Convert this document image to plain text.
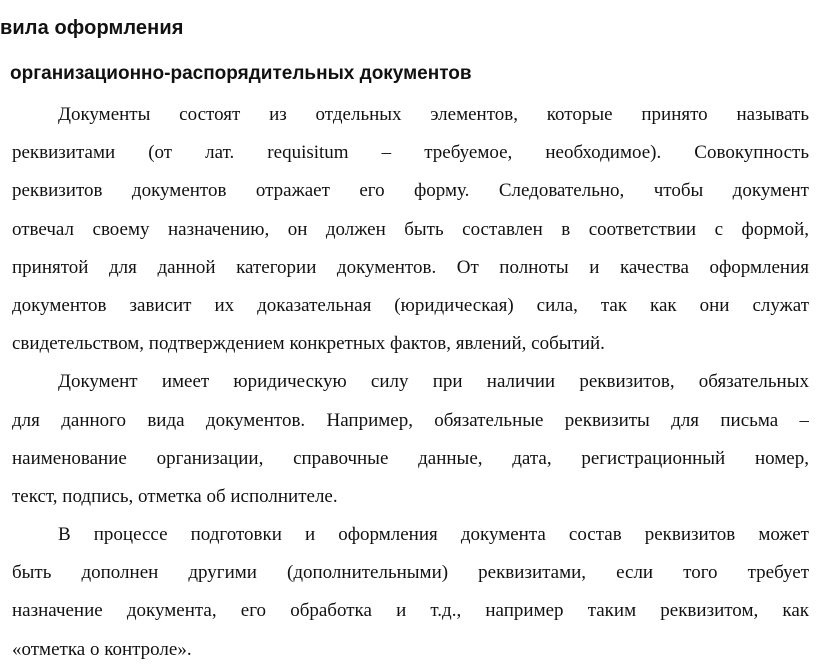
вила оформления
организационно-распорядительных документов
Документы состоят из отдельных элементов, которые принято называть
реквизитами (от лат. requisitum – требуемое, необходимое). Совокупность
реквизитов документов отражает его форму. Следовательно, чтобы документ
отвечал своему назначению, он должен быть составлен в соответствии с формой,
принятой для данной категории документов. От полноты и качества оформления
документов зависит их доказательная (юридическая) сила, так как они служат
свидетельством, подтверждением конкретных фактов, явлений, событий.
Документ имеет юридическую силу при наличии реквизитов, обязательных
для данного вида документов. Например, обязательные реквизиты для письма –
наименование организации, справочные данные, дата, регистрационный номер,
текст, подпись, отметка об исполнителе.
В процессе подготовки и оформления документа состав реквизитов может
быть дополнен другими (дополнительными) реквизитами, если того требует
назначение документа, его обработка и т.д., например таким реквизитом, как
«отметка о контроле».
